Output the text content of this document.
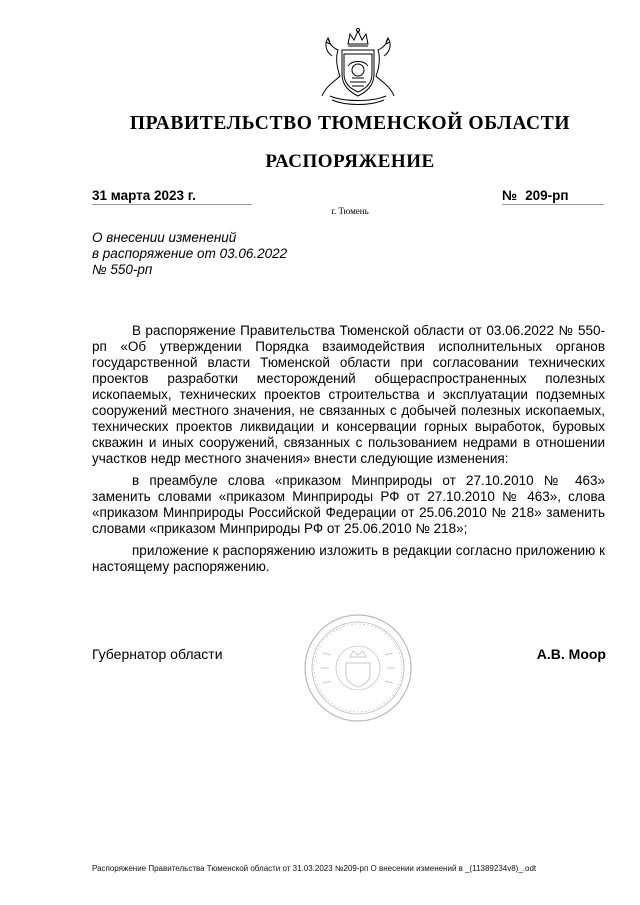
ПРАВИТЕЛЬСТВО ТЮМЕНСКОЙ ОБЛАСТИ
РАСПОРЯЖЕНИЕ
31 марта 2023 г.	№ 209-рп
г. Тюмень
О внесении изменений
в распоряжение от 03.06.2022
№ 550-рп

В распоряжение Правительства Тюменской области от 03.06.2022 № 550-рп «Об утверждении Порядка взаимодействия исполнительных органов государственной власти Тюменской области при согласовании технических проектов разработки месторождений общераспространенных полезных ископаемых, технических проектов строительства и эксплуатации подземных сооружений местного значения, не связанных с добычей полезных ископаемых, технических проектов ликвидации и консервации горных выработок, буровых скважин и иных сооружений, связанных с пользованием недрами в отношении участков недр местного значения» внести следующие изменения:

в преамбуле слова «приказом Минприроды от 27.10.2010 № 463» заменить словами «приказом Минприроды РФ от 27.10.2010 № 463», слова «приказом Минприроды Российской Федерации от 25.06.2010 № 218» заменить словами «приказом Минприроды РФ от 25.06.2010 № 218»;

приложение к распоряжению изложить в редакции согласно приложению к настоящему распоряжению.

Губернатор области	А.В. Моор
Распоряжение Правительства Тюменской области от 31.03.2023 №209-рп О внесении изменений в _(11389234v8)_.odt
